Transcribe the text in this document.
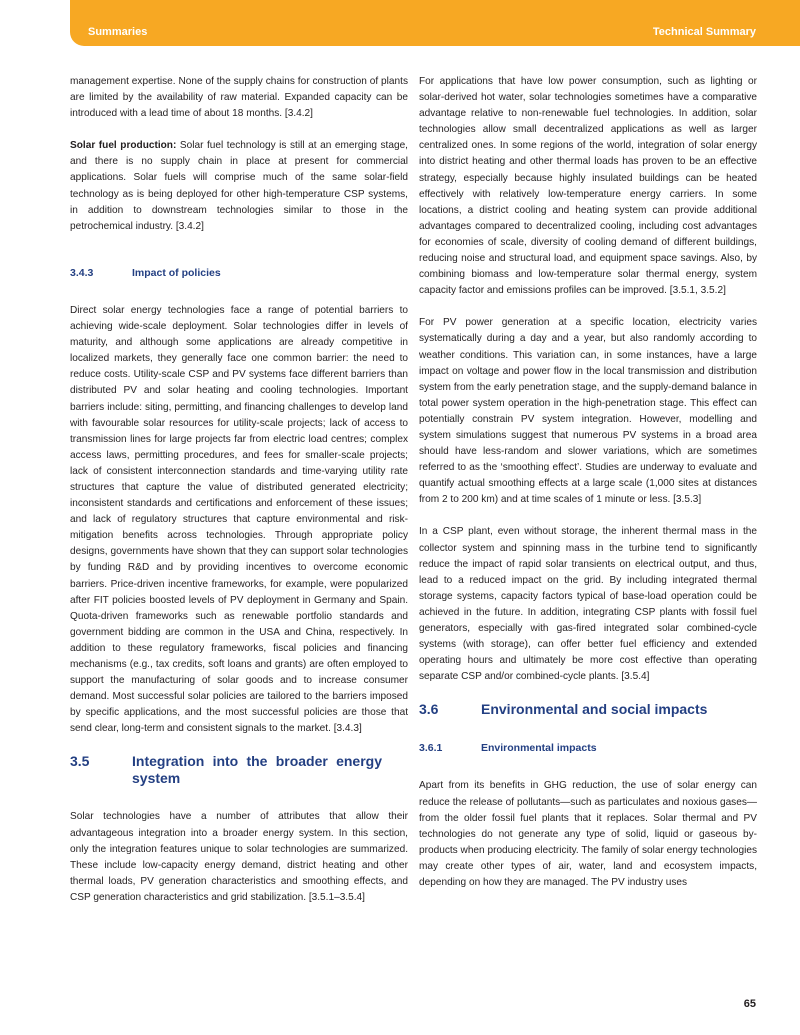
Summaries	Technical Summary

management expertise. None of the supply chains for construction of plants are limited by the availability of raw material. Expanded capacity can be introduced with a lead time of about 18 months. [3.4.2]

Solar fuel production: Solar fuel technology is still at an emerging stage, and there is no supply chain in place at present for commercial applications. Solar fuels will comprise much of the same solar-field technology as is being deployed for other high-temperature CSP systems, in addition to downstream technologies similar to those in the petrochemical industry. [3.4.2]

3.4.3	Impact of policies

Direct solar energy technologies face a range of potential barriers to achieving wide-scale deployment. Solar technologies differ in levels of maturity, and although some applications are already competitive in localized markets, they generally face one common barrier: the need to reduce costs. Utility-scale CSP and PV systems face different barriers than distributed PV and solar heating and cooling technologies. Important barriers include: siting, permitting, and financing challenges to develop land with favourable solar resources for utility-scale projects; lack of access to transmission lines for large projects far from electric load centres; complex access laws, permitting procedures, and fees for smaller-scale projects; lack of consistent interconnection standards and time-varying utility rate structures that capture the value of distributed generated electricity; inconsistent standards and certifications and enforcement of these issues; and lack of regulatory structures that capture environmental and risk-mitigation benefits across technologies. Through appropriate policy designs, governments have shown that they can support solar technologies by funding R&D and by providing incentives to overcome economic barriers. Price-driven incentive frameworks, for example, were popularized after FIT policies boosted levels of PV deployment in Germany and Spain. Quota-driven frameworks such as renewable portfolio standards and government bidding are common in the USA and China, respectively. In addition to these regulatory frameworks, fiscal policies and financing mechanisms (e.g., tax credits, soft loans and grants) are often employed to support the manufacturing of solar goods and to increase consumer demand. Most successful solar policies are tailored to the barriers imposed by specific applications, and the most successful policies are those that send clear, long-term and consistent signals to the market. [3.4.3]

3.5	Integration into the broader energy system

Solar technologies have a number of attributes that allow their advantageous integration into a broader energy system. In this section, only the integration features unique to solar technologies are summarized. These include low-capacity energy demand, district heating and other thermal loads, PV generation characteristics and smoothing effects, and CSP generation characteristics and grid stabilization. [3.5.1–3.5.4]

For applications that have low power consumption, such as lighting or solar-derived hot water, solar technologies sometimes have a comparative advantage relative to non-renewable fuel technologies. In addition, solar technologies allow small decentralized applications as well as larger centralized ones. In some regions of the world, integration of solar energy into district heating and other thermal loads has proven to be an effective strategy, especially because highly insulated buildings can be heated effectively with relatively low-temperature energy carriers. In some locations, a district cooling and heating system can provide additional advantages compared to decentralized cooling, including cost advantages for economies of scale, diversity of cooling demand of different buildings, reducing noise and structural load, and equipment space savings. Also, by combining biomass and low-temperature solar thermal energy, system capacity factor and emissions profiles can be improved. [3.5.1, 3.5.2]

For PV power generation at a specific location, electricity varies systematically during a day and a year, but also randomly according to weather conditions. This variation can, in some instances, have a large impact on voltage and power flow in the local transmission and distribution system from the early penetration stage, and the supply-demand balance in total power system operation in the high-penetration stage. This effect can potentially constrain PV system integration. However, modelling and system simulations suggest that numerous PV systems in a broad area should have less-random and slower variations, which are sometimes referred to as the ‘smoothing effect’. Studies are underway to evaluate and quantify actual smoothing effects at a large scale (1,000 sites at distances from 2 to 200 km) and at time scales of 1 minute or less. [3.5.3]

In a CSP plant, even without storage, the inherent thermal mass in the collector system and spinning mass in the turbine tend to significantly reduce the impact of rapid solar transients on electrical output, and thus, lead to a reduced impact on the grid. By including integrated thermal storage systems, capacity factors typical of base-load operation could be achieved in the future. In addition, integrating CSP plants with fossil fuel generators, especially with gas-fired integrated solar combined-cycle systems (with storage), can offer better fuel efficiency and extended operating hours and ultimately be more cost effective than operating separate CSP and/or combined-cycle plants. [3.5.4]

3.6	Environmental and social impacts
3.6.1	Environmental impacts

Apart from its benefits in GHG reduction, the use of solar energy can reduce the release of pollutants—such as particulates and noxious gases—from the older fossil fuel plants that it replaces. Solar thermal and PV technologies do not generate any type of solid, liquid or gaseous by-products when producing electricity. The family of solar energy technologies may create other types of air, water, land and ecosystem impacts, depending on how they are managed. The PV industry uses

65
